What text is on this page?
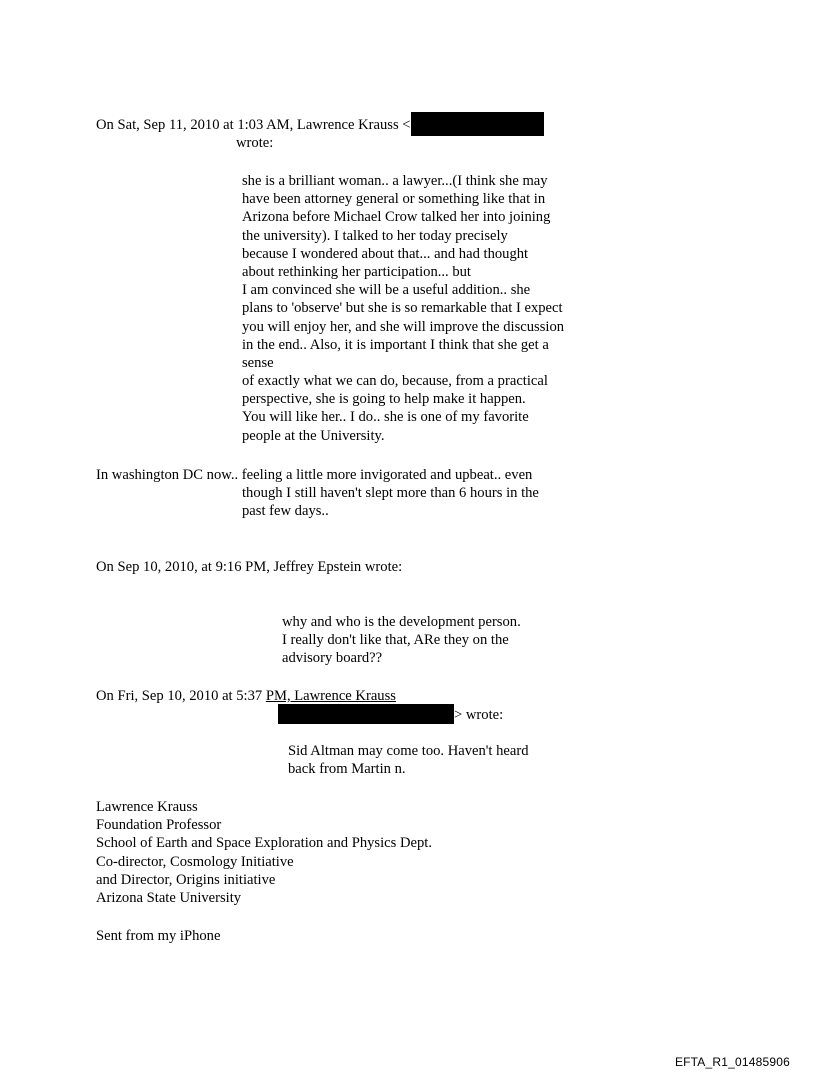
On Sat, Sep 11, 2010 at 1:03 AM, Lawrence Krauss <
wrote:
she is a brilliant woman.. a lawyer...(I think she may
have been attorney general or something like that in
Arizona before Michael Crow talked her into joining
the university). I talked to her today precisely
because I wondered about that... and had thought
about rethinking her participation... but
I am convinced she will be a useful addition.. she
plans to 'observe' but she is so remarkable that I expect
you will enjoy her, and she will improve the discussion
in the end.. Also, it is important I think that she get a
sense
of exactly what we can do, because, from a practical
perspective, she is going to help make it happen.
You will like her.. I do.. she is one of my favorite
people at the University.
In washington DC now.. feeling a little more invigorated and upbeat.. even
though I still haven't slept more than 6 hours in the
past few days..
On Sep 10, 2010, at 9:16 PM, Jeffrey Epstein wrote:
why and who is the development person.
I really don't like that, ARe they on the
advisory board??
On Fri, Sep 10, 2010 at 5:37 PM, Lawrence Krauss
> wrote:
Sid Altman may come too. Haven't heard
back from Martin n.
Lawrence Krauss
Foundation Professor
School of Earth and Space Exploration and Physics Dept.
Co-director, Cosmology Initiative
and Director, Origins initiative
Arizona State University
Sent from my iPhone
EFTA_R1_01485906
